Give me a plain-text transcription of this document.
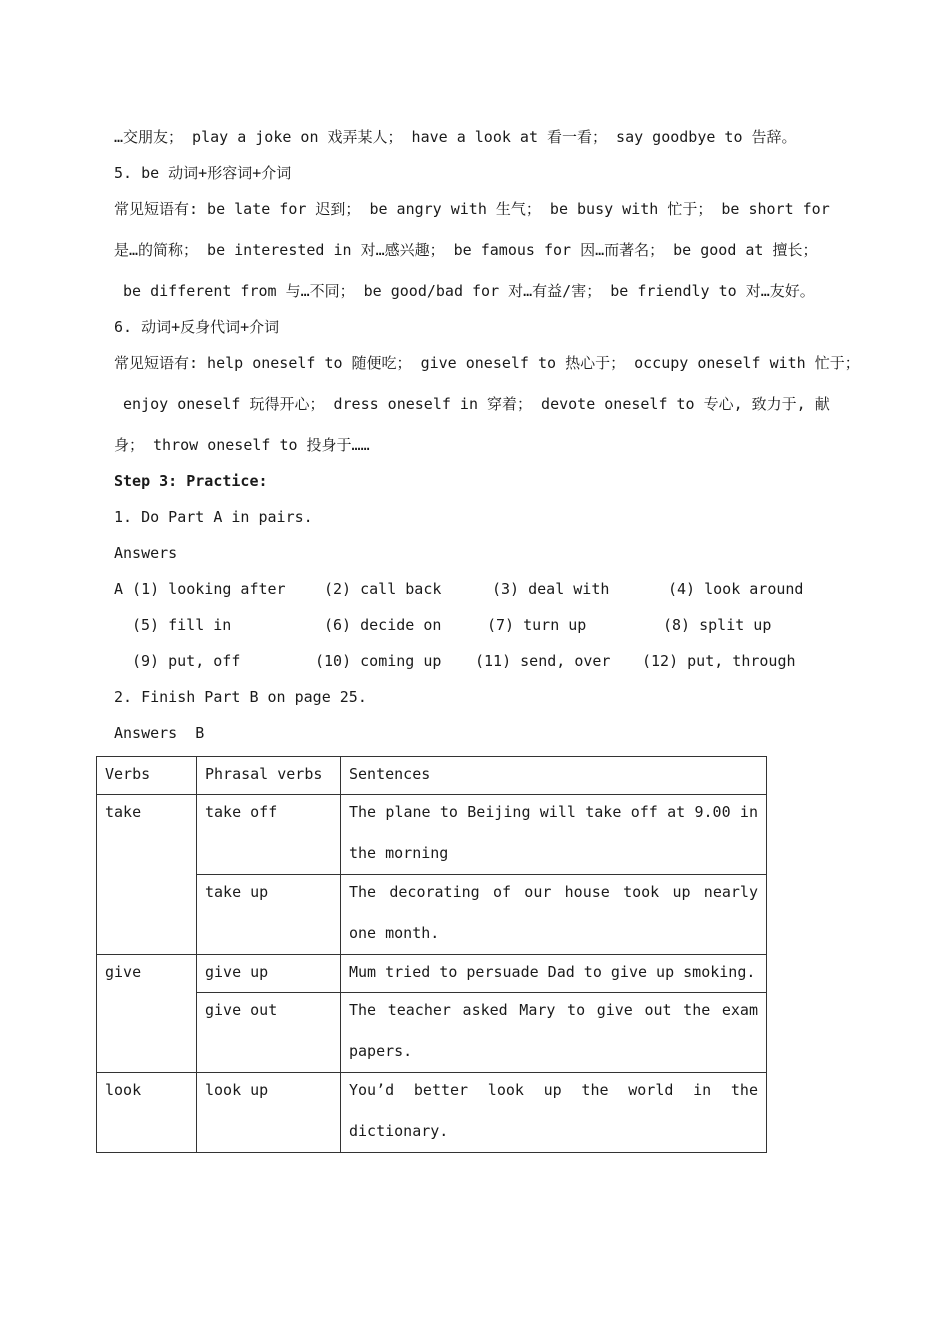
…交朋友； play a joke on 戏弄某人； have a look at 看一看； say goodbye to 告辞。
5. be 动词+形容词+介词
常见短语有: be late for 迟到； be angry with 生气； be busy with 忙于； be short for
是…的简称； be interested in 对…感兴趣； be famous for 因…而著名； be good at 擅长；
be different from 与…不同； be good/bad for 对…有益/害； be friendly to 对…友好。
6. 动词+反身代词+介词
常见短语有: help oneself to 随便吃； give oneself to 热心于； occupy oneself with 忙于；
enjoy oneself 玩得开心； dress oneself in 穿着； devote oneself to 专心, 致力于, 献
身； throw oneself to 投身于……
Step 3: Practice:
1. Do Part A in pairs.
Answers
A (1) looking after	(2) call back	(3) deal with	(4) look around
(5) fill in	(6) decide on	(7) turn up	(8) split up
(9) put, off	(10) coming up (11) send, over (12) put, through
2. Finish Part B on page 25.
Answers  B
Verbs	Phrasal verbs	Sentences
take	take off	The plane to Beijing will take off at 9.00 in the morning

	take up	The decorating of our house took up nearly one month.

give	give up	Mum tried to persuade Dad to give up smoking.
	give out	The teacher asked Mary to give out the exam papers.

look	look up	You’d better look up the world in the dictionary.
